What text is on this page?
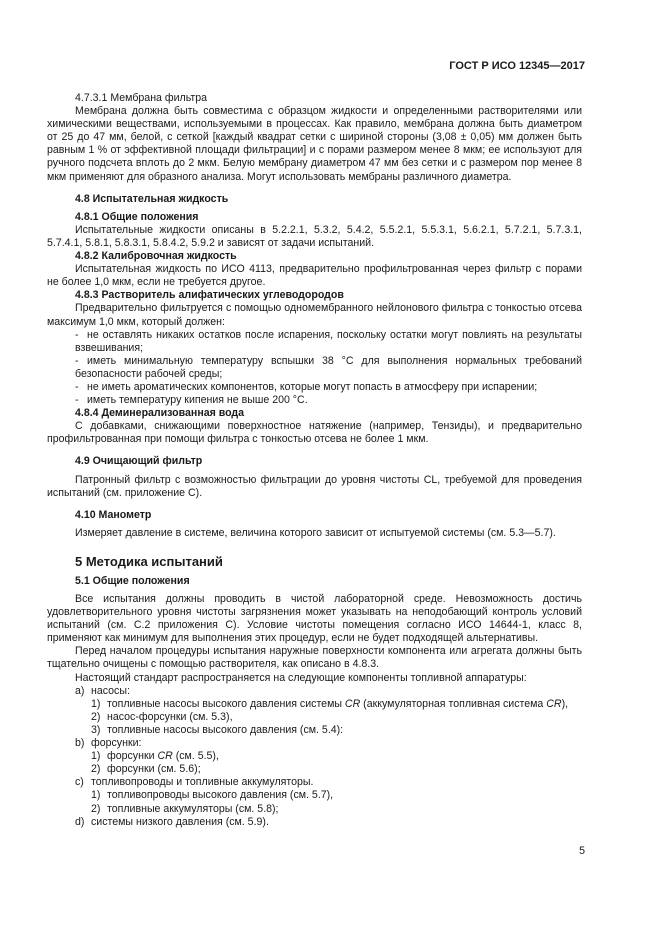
ГОСТ Р ИСО 12345—2017

4.7.3.1 Мембрана фильтра

Мембрана должна быть совместима с образцом жидкости и определенными растворителями или химическими веществами, используемыми в процессах. Как правило, мембрана должна быть диаметром от 25 до 47 мм, белой, с сеткой [каждый квадрат сетки с шириной стороны (3,08 ± 0,05) мм должен быть равным 1 % от эффективной площади фильтрации] и с порами размером менее 8 мкм; ее используют для ручного подсчета вплоть до 2 мкм. Белую мембрану диаметром 47 мм без сетки и с размером пор менее 8 мкм применяют для образного анализа. Могут использовать мембраны различного диаметра.

4.8 Испытательная жидкость

4.8.1 Общие положения

Испытательные жидкости описаны в 5.2.2.1, 5.3.2, 5.4.2, 5.5.2.1, 5.5.3.1, 5.6.2.1, 5.7.2.1, 5.7.3.1, 5.7.4.1, 5.8.1, 5.8.3.1, 5.8.4.2, 5.9.2 и зависят от задачи испытаний.

4.8.2 Калибровочная жидкость

Испытательная жидкость по ИСО 4113, предварительно профильтрованная через фильтр с порами не более 1,0 мкм, если не требуется другое.

4.8.3 Растворитель алифатических углеводородов

Предварительно фильтруется с помощью одномембранного нейлонового фильтра с тонкостью отсева максимум 1,0 мкм, который должен:

- не оставлять никаких остатков после испарения, поскольку остатки могут повлиять на результаты взвешивания;

- иметь минимальную температуру вспышки 38 °С для выполнения нормальных требований безопасности рабочей среды;

- не иметь ароматических компонентов, которые могут попасть в атмосферу при испарении;

- иметь температуру кипения не выше 200 °С.

4.8.4 Деминерализованная вода

С добавками, снижающими поверхностное натяжение (например, Тензиды), и предварительно профильтрованная при помощи фильтра с тонкостью отсева не более 1 мкм.

4.9 Очищающий фильтр

Патронный фильтр с возможностью фильтрации до уровня чистоты CL, требуемой для проведения испытаний (см. приложение С).

4.10 Манометр

Измеряет давление в системе, величина которого зависит от испытуемой системы (см. 5.3—5.7).

5 Методика испытаний

5.1 Общие положения

Все испытания должны проводить в чистой лабораторной среде. Невозможность достичь удовлетворительного уровня чистоты загрязнения может указывать на неподобающий контроль условий испытаний (см. С.2 приложения С). Условие чистоты помещения согласно ИСО 14644-1, класс 8, применяют как минимум для выполнения этих процедур, если не будет подходящей альтернативы.

Перед началом процедуры испытания наружные поверхности компонента или агрегата должны быть тщательно очищены с помощью растворителя, как описано в 4.8.3.

Настоящий стандарт распространяется на следующие компоненты топливной аппаратуры:

a) насосы:

1) топливные насосы высокого давления системы CR (аккумуляторная топливная система CR),

2) насос-форсунки (см. 5.3),

3) топливные насосы высокого давления (см. 5.4):

b) форсунки:

1) форсунки CR (см. 5.5),

2) форсунки (см. 5.6);

c) топливопроводы и топливные аккумуляторы.

1) топливопроводы высокого давления (см. 5.7),

2) топливные аккумуляторы (см. 5.8);

d) системы низкого давления (см. 5.9).

5
